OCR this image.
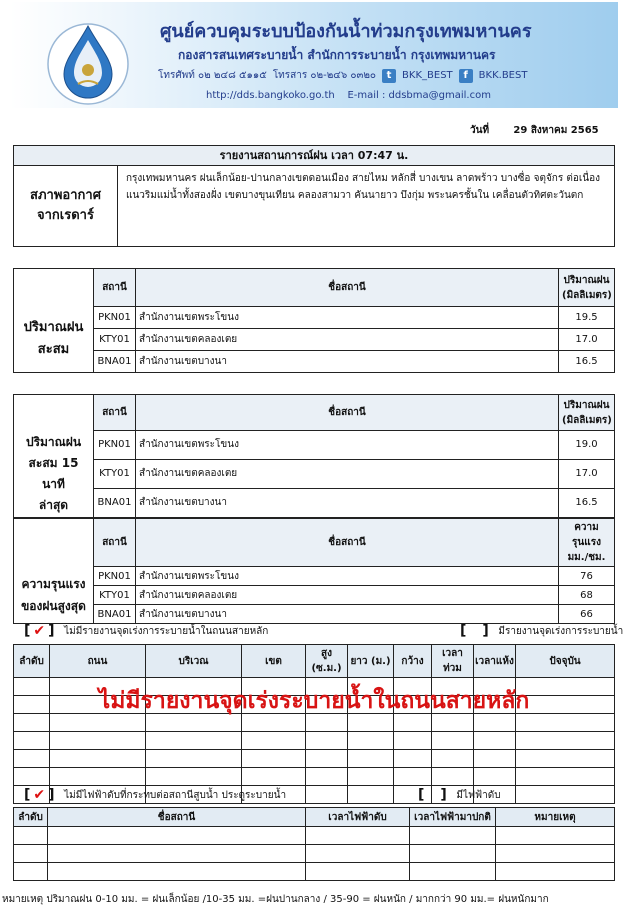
ศูนย์ควบคุมระบบป้องกันน้ำท่วมกรุงเทพมหานคร
กองสารสนเทศระบายน้ำ สำนักการระบายน้ำ กรุงเทพมหานคร
โทรศัพท์ ๐๒ ๒๔๘ ๕๑๑๕ โทรสาร ๐๒-๒๔๖ ๐๓๒๐	t	BKK_BEST	f	BKK.BEST
http://dds.bangkoko.go.th E-mail : ddsbma@gmail.com
วันที่ 29 สิงหาคม 2565
รายงานสถานการณ์ฝน เวลา 07:47 น.
สภาพอากาศ
จากเรดาร์
กรุงเทพมหานคร ฝนเล็กน้อย-ปานกลางเขตดอนเมือง สายไหม หลักสี่ บางเขน ลาดพร้าว บางซื่อ จตุจักร ต่อเนื่องแนวริมแม่น้ำทั้งสองฝั่ง เขตบางขุนเทียน คลองสามวา คันนายาว บึงกุ่ม พระนครชั้นใน เคลื่อนตัวทิศตะวันตก
	สถานี	ชื่อสถานี	ปริมาณฝน
(มิลลิเมตร)

ปริมาณฝน
สะสม	PKN01	สำนักงานเขตพระโขนง	19.5
	KTY01	สำนักงานเขตคลองเตย	17.0
	BNA01	สำนักงานเขตบางนา	16.5
	สถานี	ชื่อสถานี	ปริมาณฝน
(มิลลิเมตร)

ปริมาณฝน
สะสม 15 นาที
ล่าสุด	PKN01	สำนักงานเขตพระโขนง	19.0
	KTY01	สำนักงานเขตคลองเตย	17.0
	BNA01	สำนักงานเขตบางนา	16.5
	สถานี	ชื่อสถานี	ความรุนแรง
มม./ชม.

ความรุนแรง
ของฝนสูงสุด	PKN01	สำนักงานเขตพระโขนง	76
	KTY01	สำนักงานเขตคลองเตย	68
	BNA01	สำนักงานเขตบางนา	66
[ ✔ ]
ไม่มีรายงานจุดเร่งการระบายน้ำในถนนสายหลัก	[ ]
มีรายงานจุดเร่งการระบายน้ำ
ลำดับ	ถนน	บริเวณ	เขต	สูง (ซ.ม.)	ยาว (ม.)	กว้าง	เวลาท่วม	เวลาแห้ง	ปัจจุบัน

ไม่มีรายงานจุดเร่งระบายน้ำในถนนสายหลัก
[ ✔ ]
ไม่มีไฟฟ้าดับที่กระทบต่อสถานีสูบน้ำ ประตูระบายน้ำ	[ ]
มีไฟฟ้าดับ
ลำดับ	ชื่อสถานี	เวลาไฟฟ้าดับ	เวลาไฟฟ้ามาปกติ	หมายเหตุ

หมายเหตุ ปริมาณฝน 0-10 มม. = ฝนเล็กน้อย /10-35 มม. =ฝนปานกลาง / 35-90 = ฝนหนัก / มากกว่า 90 มม.= ฝนหนักมาก
